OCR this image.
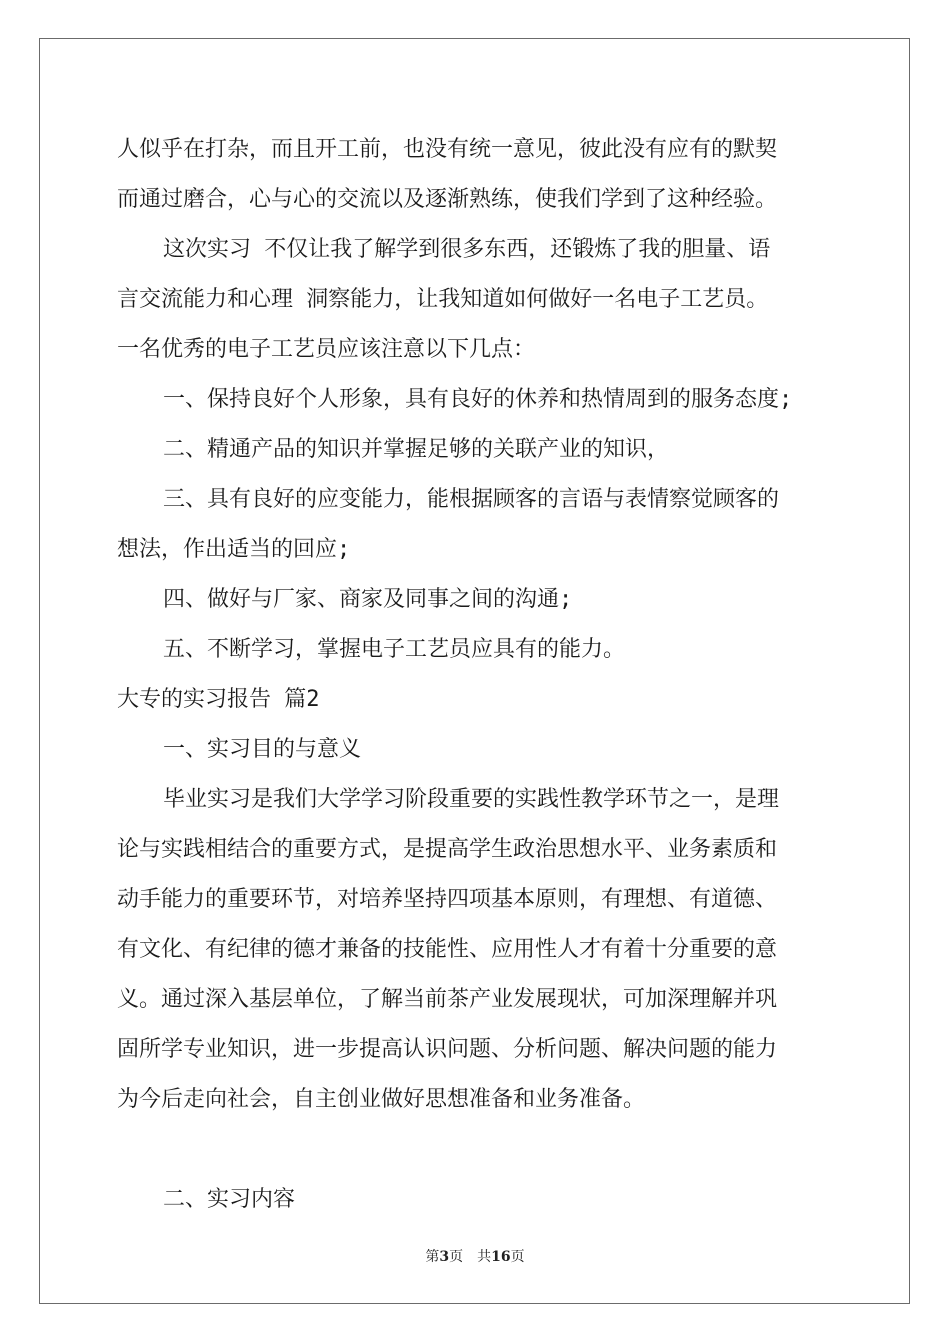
人似乎在打杂，而且开工前，也没有统一意见，彼此没有应有的默契
而通过磨合，心与心的交流以及逐渐熟练，使我们学到了这种经验。
这次实习 不仅让我了解学到很多东西，还锻炼了我的胆量、语
言交流能力和心理 洞察能力，让我知道如何做好一名电子工艺员。
一名优秀的电子工艺员应该注意以下几点：
一、保持良好个人形象，具有良好的休养和热情周到的服务态度;
二、精通产品的知识并掌握足够的关联产业的知识，
三、具有良好的应变能力，能根据顾客的言语与表情察觉顾客的
想法，作出适当的回应;
四、做好与厂家、商家及同事之间的沟通;
五、不断学习，掌握电子工艺员应具有的能力。
大专的实习报告 篇2
一、实习目的与意义
毕业实习是我们大学学习阶段重要的实践性教学环节之一，是理
论与实践相结合的重要方式，是提高学生政治思想水平、业务素质和
动手能力的重要环节，对培养坚持四项基本原则，有理想、有道德、
有文化、有纪律的德才兼备的技能性、应用性人才有着十分重要的意
义。通过深入基层单位，了解当前茶产业发展现状，可加深理解并巩
固所学专业知识，进一步提高认识问题、分析问题、解决问题的能力
为今后走向社会，自主创业做好思想准备和业务准备。
二、实习内容
第3页 共16页
